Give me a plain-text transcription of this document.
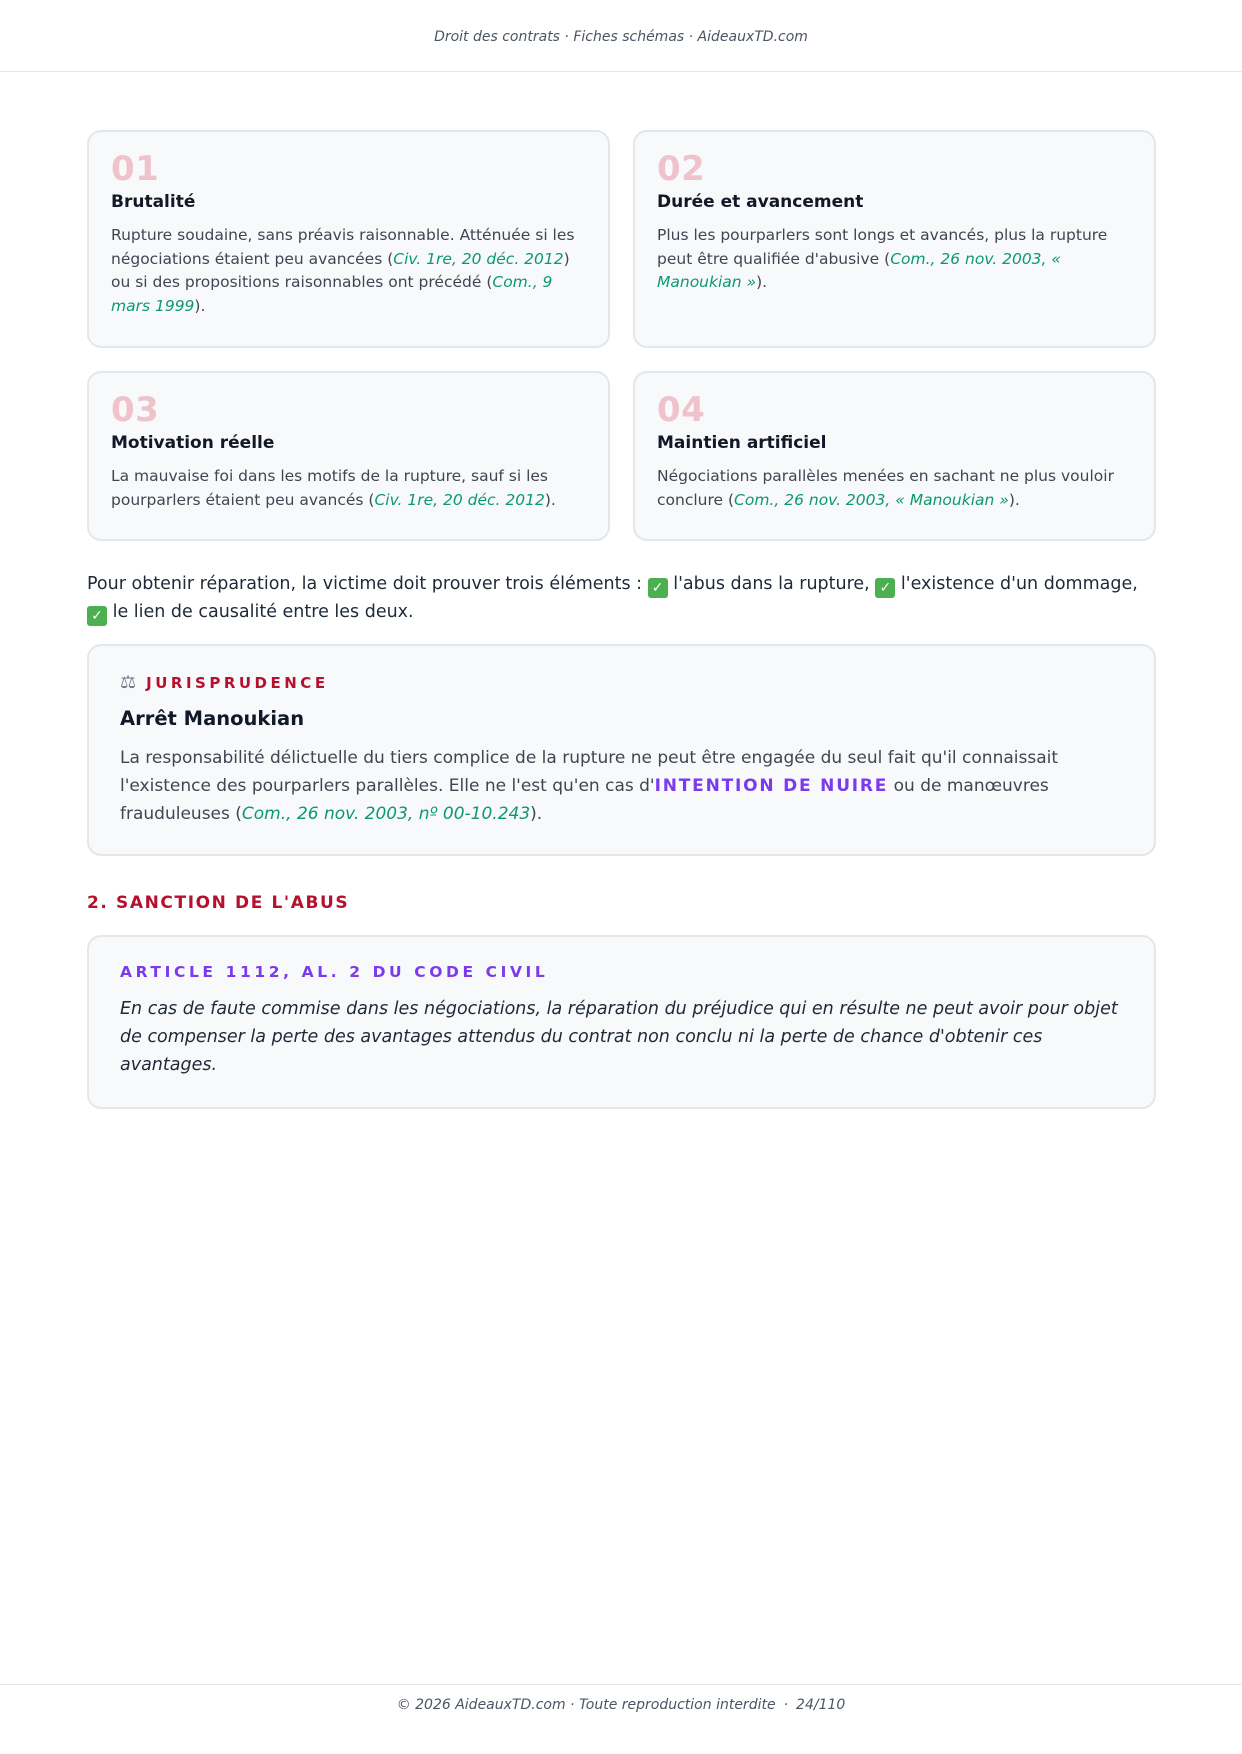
Droit des contrats · Fiches schémas · AideauxTD.com
01
Brutalité
Rupture soudaine, sans préavis raisonnable. Atténuée si les négociations étaient peu avancées (Civ. 1re, 20 déc. 2012) ou si des propositions raisonnables ont précédé (Com., 9 mars 1999).
02
Durée et avancement
Plus les pourparlers sont longs et avancés, plus la rupture peut être qualifiée d'abusive (Com., 26 nov. 2003, « Manoukian »).
03
Motivation réelle
La mauvaise foi dans les motifs de la rupture, sauf si les pourparlers étaient peu avancés (Civ. 1re, 20 déc. 2012).
04
Maintien artificiel
Négociations parallèles menées en sachant ne plus vouloir conclure (Com., 26 nov. 2003, « Manoukian »).

Pour obtenir réparation, la victime doit prouver trois éléments : ✓ l'abus dans la rupture, ✓ l'existence d'un dommage, ✓ le lien de causalité entre les deux.

⚖ JURISPRUDENCE
Arrêt Manoukian
La responsabilité délictuelle du tiers complice de la rupture ne peut être engagée du seul fait qu'il connaissait l'existence des pourparlers parallèles. Elle ne l'est qu'en cas d'INTENTION DE NUIRE ou de manœuvres frauduleuses (Com., 26 nov. 2003, nº 00-10.243).
2. SANCTION DE L'ABUS
ARTICLE 1112, AL. 2 DU CODE CIVIL
En cas de faute commise dans les négociations, la réparation du préjudice qui en résulte ne peut avoir pour objet de compenser la perte des avantages attendus du contrat non conclu ni la perte de chance d'obtenir ces avantages.
© 2026 AideauxTD.com · Toute reproduction interdite · 24/110
